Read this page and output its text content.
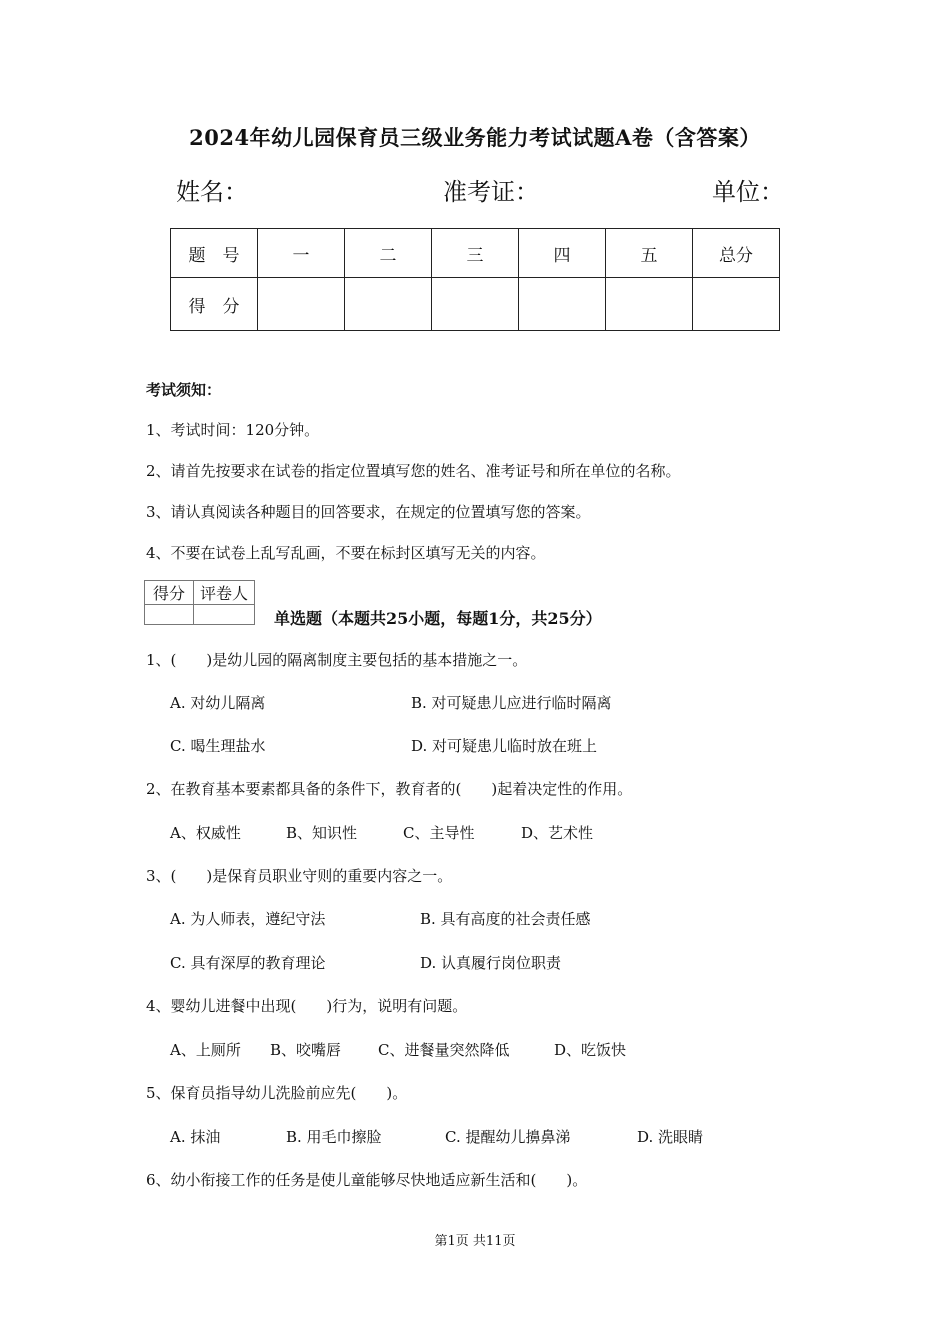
2024年幼儿园保育员三级业务能力考试试题A卷（含答案）
姓名：	准考证：	单位：
题　号	一	二	三	四	五	总分
得　分						
考试须知：
1、考试时间：120分钟。
2、请首先按要求在试卷的指定位置填写您的姓名、准考证号和所在单位的名称。
3、请认真阅读各种题目的回答要求，在规定的位置填写您的答案。
4、不要在试卷上乱写乱画，不要在标封区填写无关的内容。
得分	评卷人

单选题（本题共25小题，每题1分，共25分）
1、(　　)是幼儿园的隔离制度主要包括的基本措施之一。
A. 对幼儿隔离	B. 对可疑患儿应进行临时隔离
C. 喝生理盐水	D. 对可疑患儿临时放在班上
2、在教育基本要素都具备的条件下，教育者的(　　)起着决定性的作用。
A、权威性	B、知识性	C、主导性	D、艺术性
3、(　　)是保育员职业守则的重要内容之一。
A. 为人师表，遵纪守法	B. 具有高度的社会责任感
C. 具有深厚的教育理论	D. 认真履行岗位职责
4、婴幼儿进餐中出现(　　)行为，说明有问题。
A、上厕所 B、咬嘴唇 C、进餐量突然降低	D、吃饭快
5、保育员指导幼儿洗脸前应先(　　)。
A. 抹油	B. 用毛巾擦脸	C. 提醒幼儿擤鼻涕	D. 洗眼睛
6、幼小衔接工作的任务是使儿童能够尽快地适应新生活和(　　)。
第1页 共11页
